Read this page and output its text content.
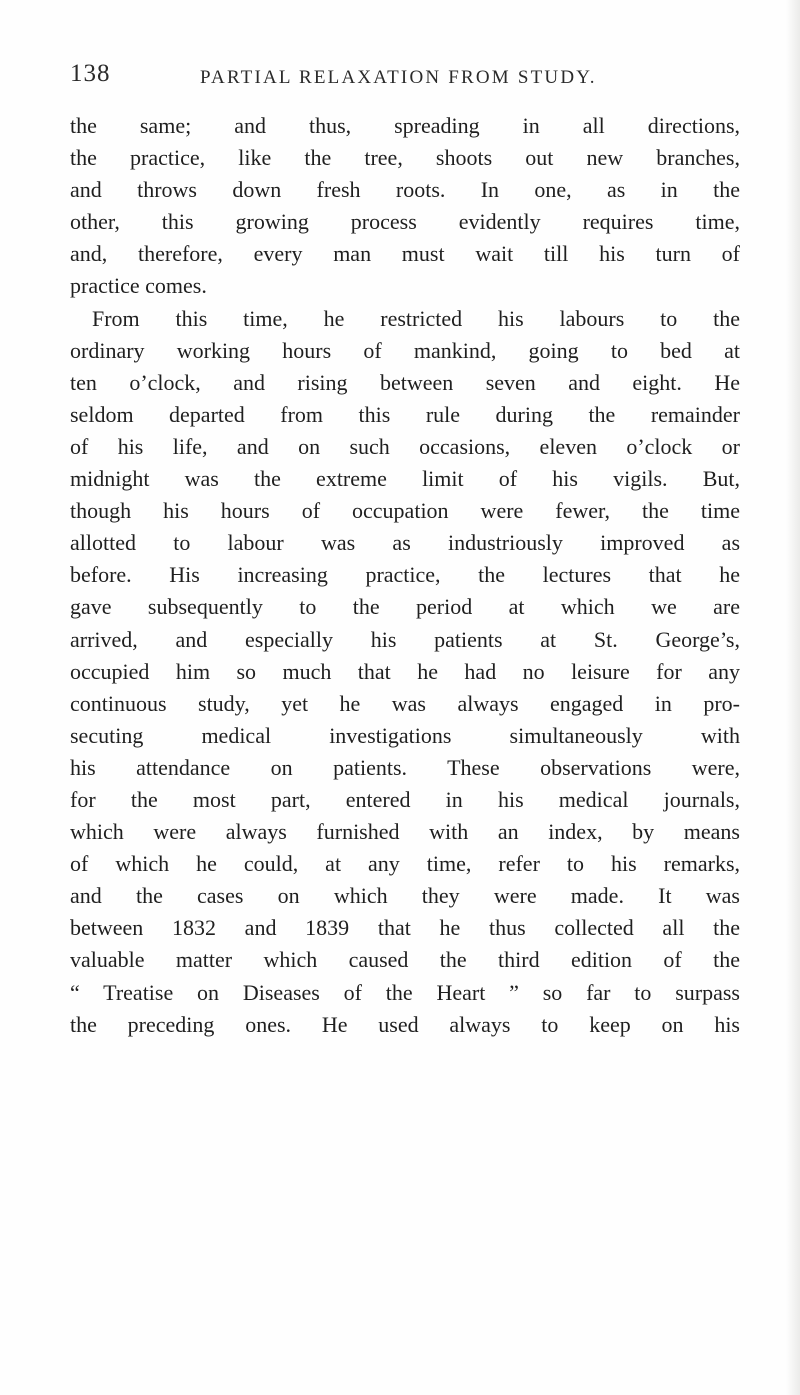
138	PARTIAL RELAXATION FROM STUDY.
the same; and thus, spreading in all directions,
the practice, like the tree, shoots out new branches,
and throws down fresh roots. In one, as in the
other, this growing process evidently requires time,
and, therefore, every man must wait till his turn of
practice comes.
From this time, he restricted his labours to the
ordinary working hours of mankind, going to bed at
ten o’clock, and rising between seven and eight. He
seldom departed from this rule during the remainder
of his life, and on such occasions, eleven o’clock or
midnight was the extreme limit of his vigils. But,
though his hours of occupation were fewer, the time
allotted to labour was as industriously improved as
before. His increasing practice, the lectures that he
gave subsequently to the period at which we are
arrived, and especially his patients at St. George’s,
occupied him so much that he had no leisure for any
continuous study, yet he was always engaged in pro-
secuting medical investigations simultaneously with
his attendance on patients. These observations were,
for the most part, entered in his medical journals,
which were always furnished with an index, by means
of which he could, at any time, refer to his remarks,
and the cases on which they were made. It was
between 1832 and 1839 that he thus collected all the
valuable matter which caused the third edition of the
“ Treatise on Diseases of the Heart ” so far to surpass
the preceding ones. He used always to keep on his
